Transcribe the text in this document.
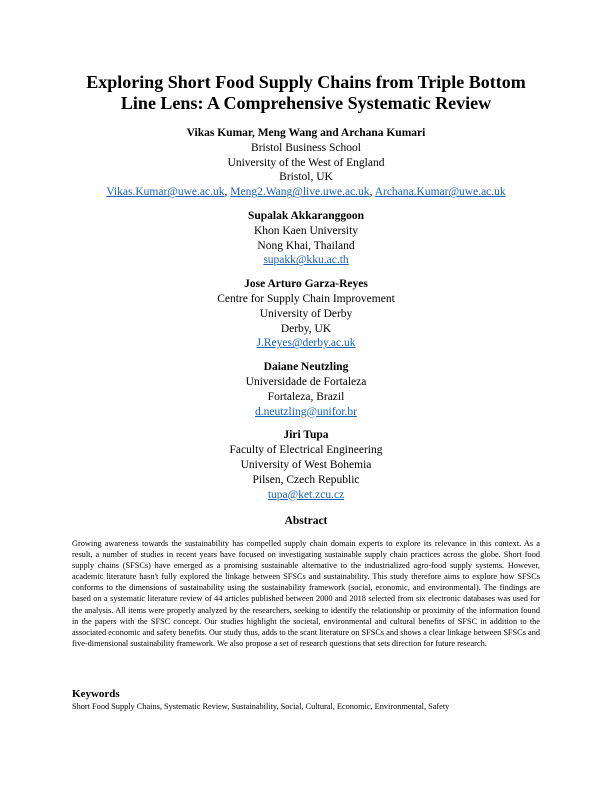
Exploring Short Food Supply Chains from Triple Bottom
Line Lens: A Comprehensive Systematic Review
Vikas Kumar, Meng Wang and Archana Kumari
Bristol Business School
University of the West of England
Bristol, UK
Vikas.Kumar@uwe.ac.uk, Meng2.Wang@live.uwe.ac.uk, Archana.Kumar@uwe.ac.uk
Supalak Akkaranggoon
Khon Kaen University
Nong Khai, Thailand
supakk@kku.ac.th
Jose Arturo Garza-Reyes
Centre for Supply Chain Improvement
University of Derby
Derby, UK
J.Reyes@derby.ac.uk
Daiane Neutzling
Universidade de Fortaleza
Fortaleza, Brazil
d.neutzling@unifor.br
Jiri Tupa
Faculty of Electrical Engineering
University of West Bohemia
Pilsen, Czech Republic
tupa@ket.zcu.cz
Abstract

Growing awareness towards the sustainability has compelled supply chain domain experts to explore its relevance in this context. As a result, a number of studies in recent years have focused on investigating sustainable supply chain practices across the globe. Short food supply chains (SFSCs) have emerged as a promising sustainable alternative to the industrialized agro-food supply systems. However, academic literature hasn't fully explored the linkage between SFSCs and sustainability. This study therefore aims to explore how SFSCs conforms to the dimensions of sustainability using the sustainability framework (social, economic, and environmental). The findings are based on a systematic literature review of 44 articles published between 2000 and 2018 selected from six electronic databases was used for the analysis. All items were properly analyzed by the researchers, seeking to identify the relationship or proximity of the information found in the papers with the SFSC concept. Our studies highlight the societal, environmental and cultural benefits of SFSC in addition to the associated economic and safety benefits. Our study thus, adds to the scant literature on SFSCs and shows a clear linkage between SFSCs and five-dimensional sustainability framework. We also propose a set of research questions that sets direction for future research.

Keywords
Short Food Supply Chains, Systematic Review, Sustainability, Social, Cultural, Economic, Environmental, Safety
